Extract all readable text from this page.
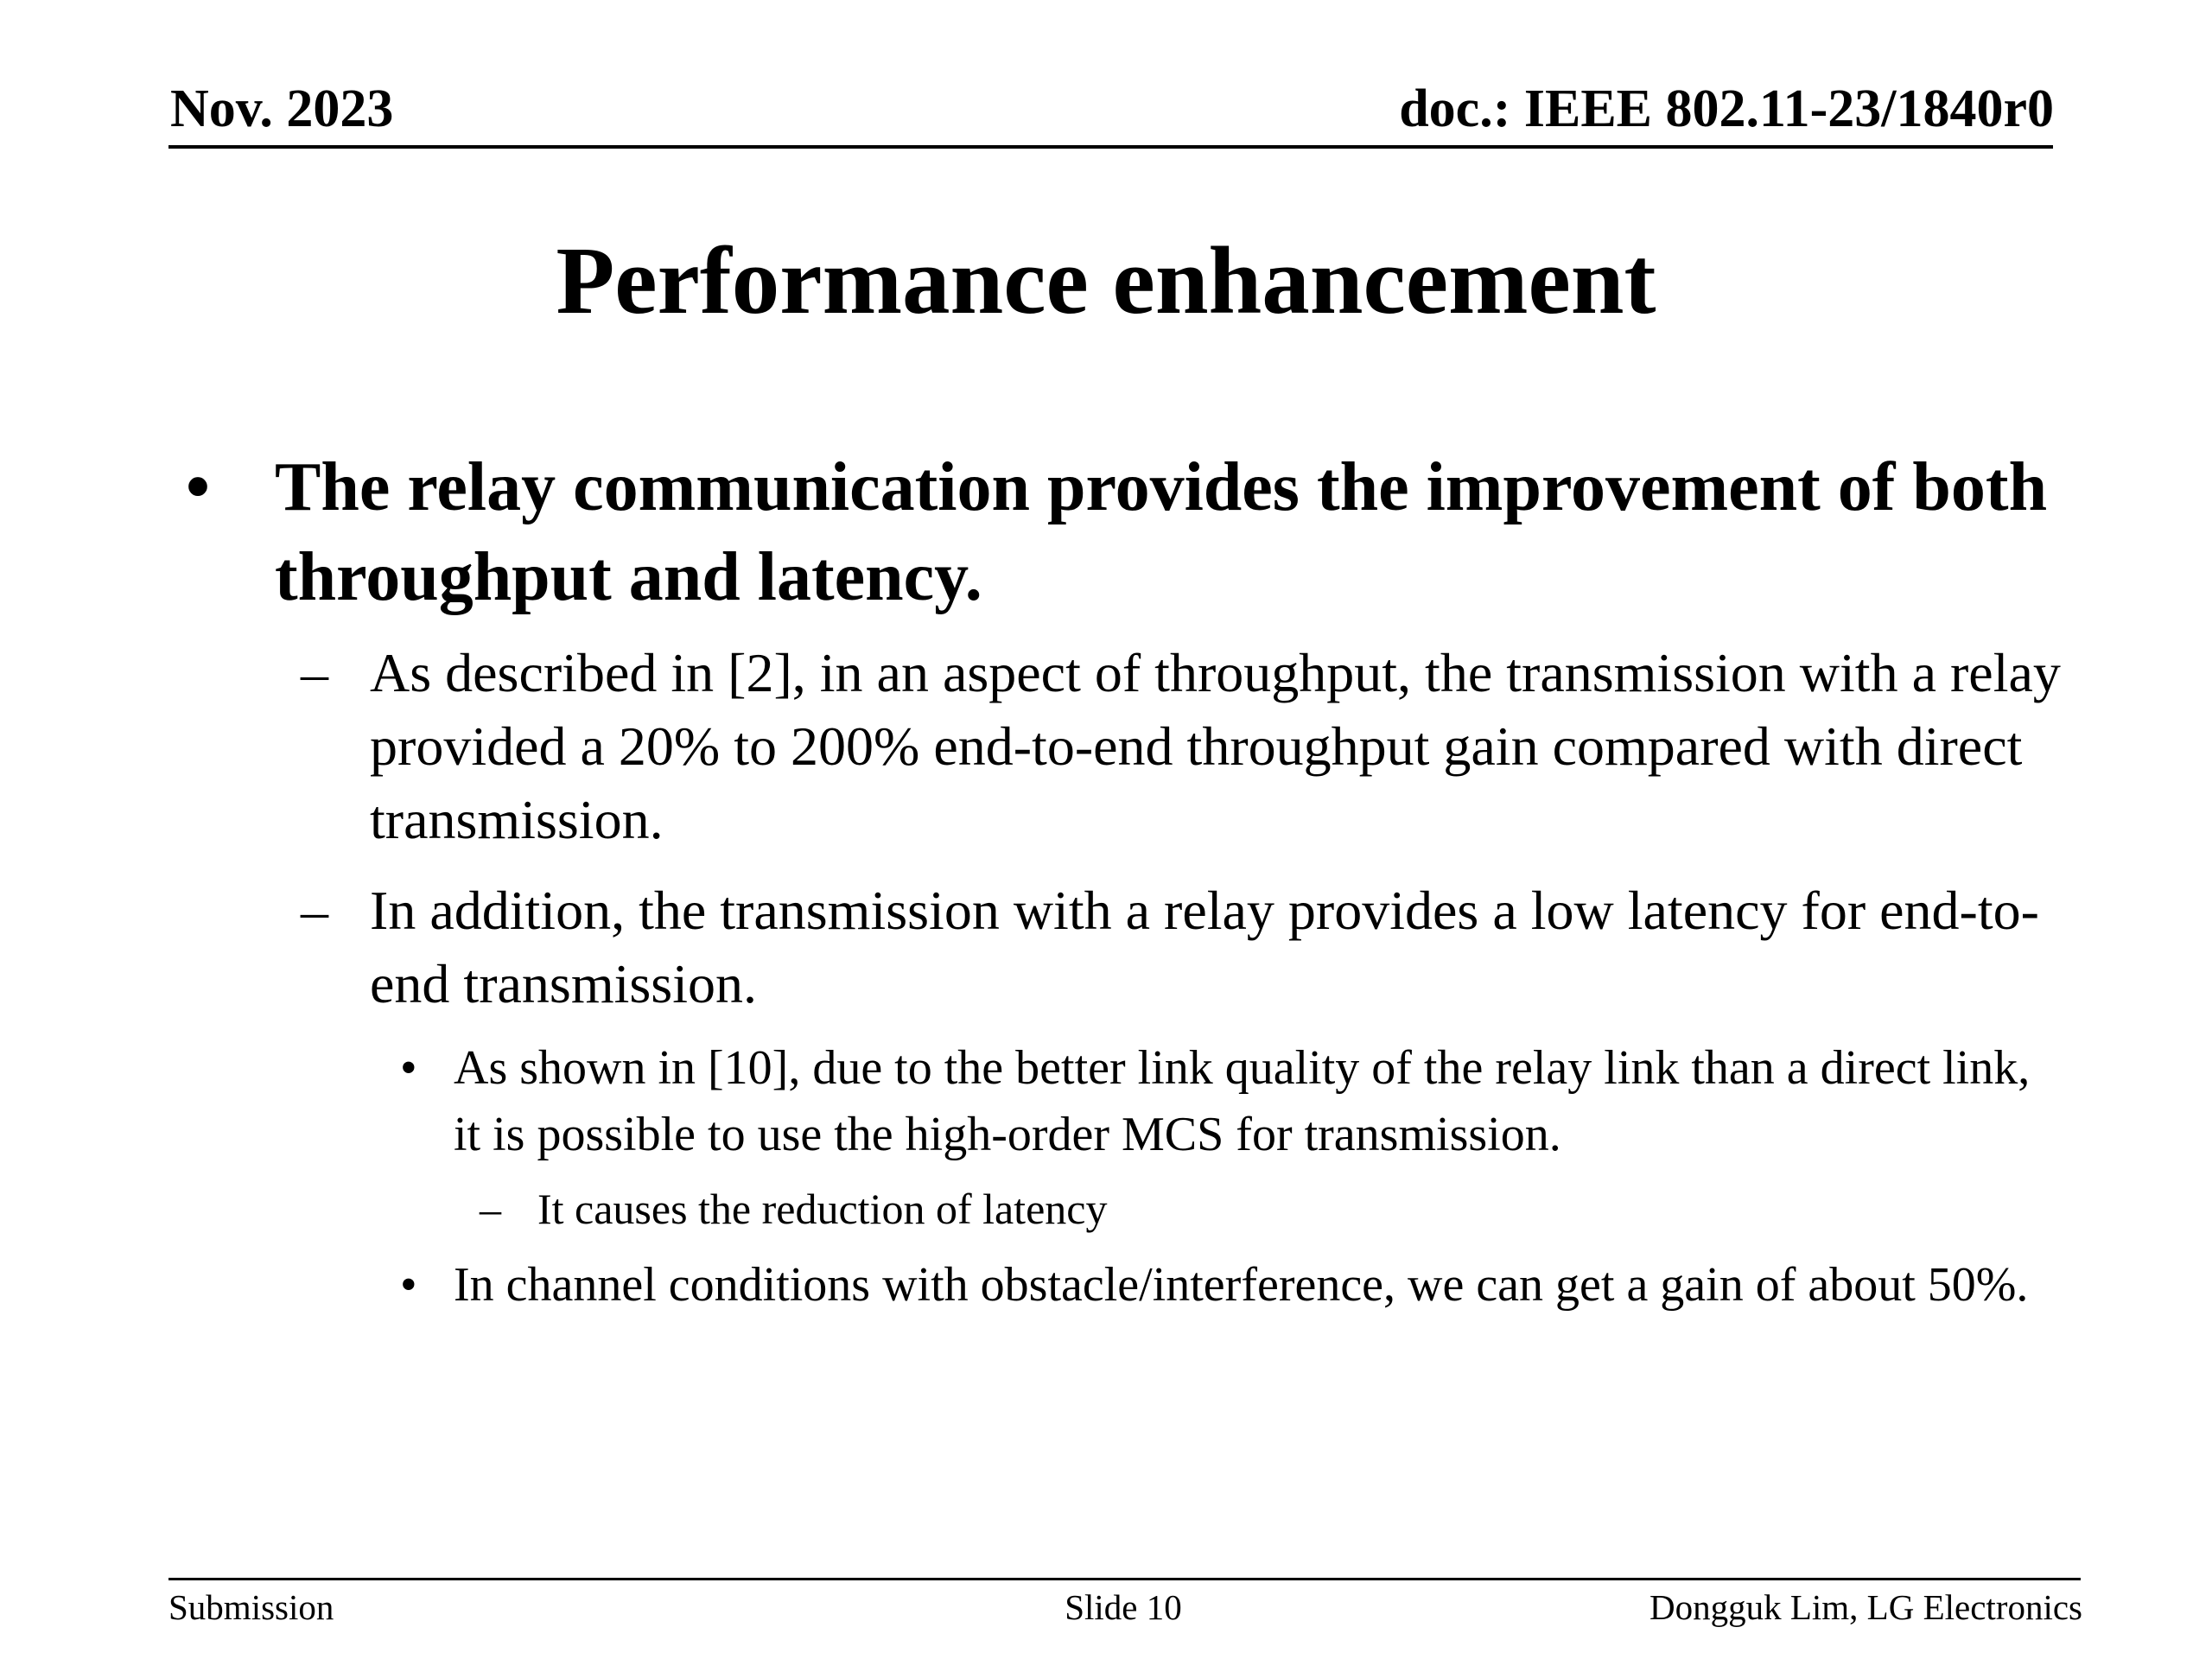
Nov. 2023	doc.: IEEE 802.11-23/1840r0
Performance enhancement
• The relay communication provides the improvement of both throughput and latency.
– As described in [2], in an aspect of throughput, the transmission with a relay provided a 20% to 200% end-to-end throughput gain compared with direct transmission.
– In addition, the transmission with a relay provides a low latency for end-to-end transmission.
• As shown in [10], due to the better link quality of the relay link than a direct link, it is possible to use the high-order MCS for transmission.
– It causes the reduction of latency
• In channel conditions with obstacle/interference, we can get a gain of about 50%.
Submission	Slide 10	Dongguk Lim, LG Electronics
